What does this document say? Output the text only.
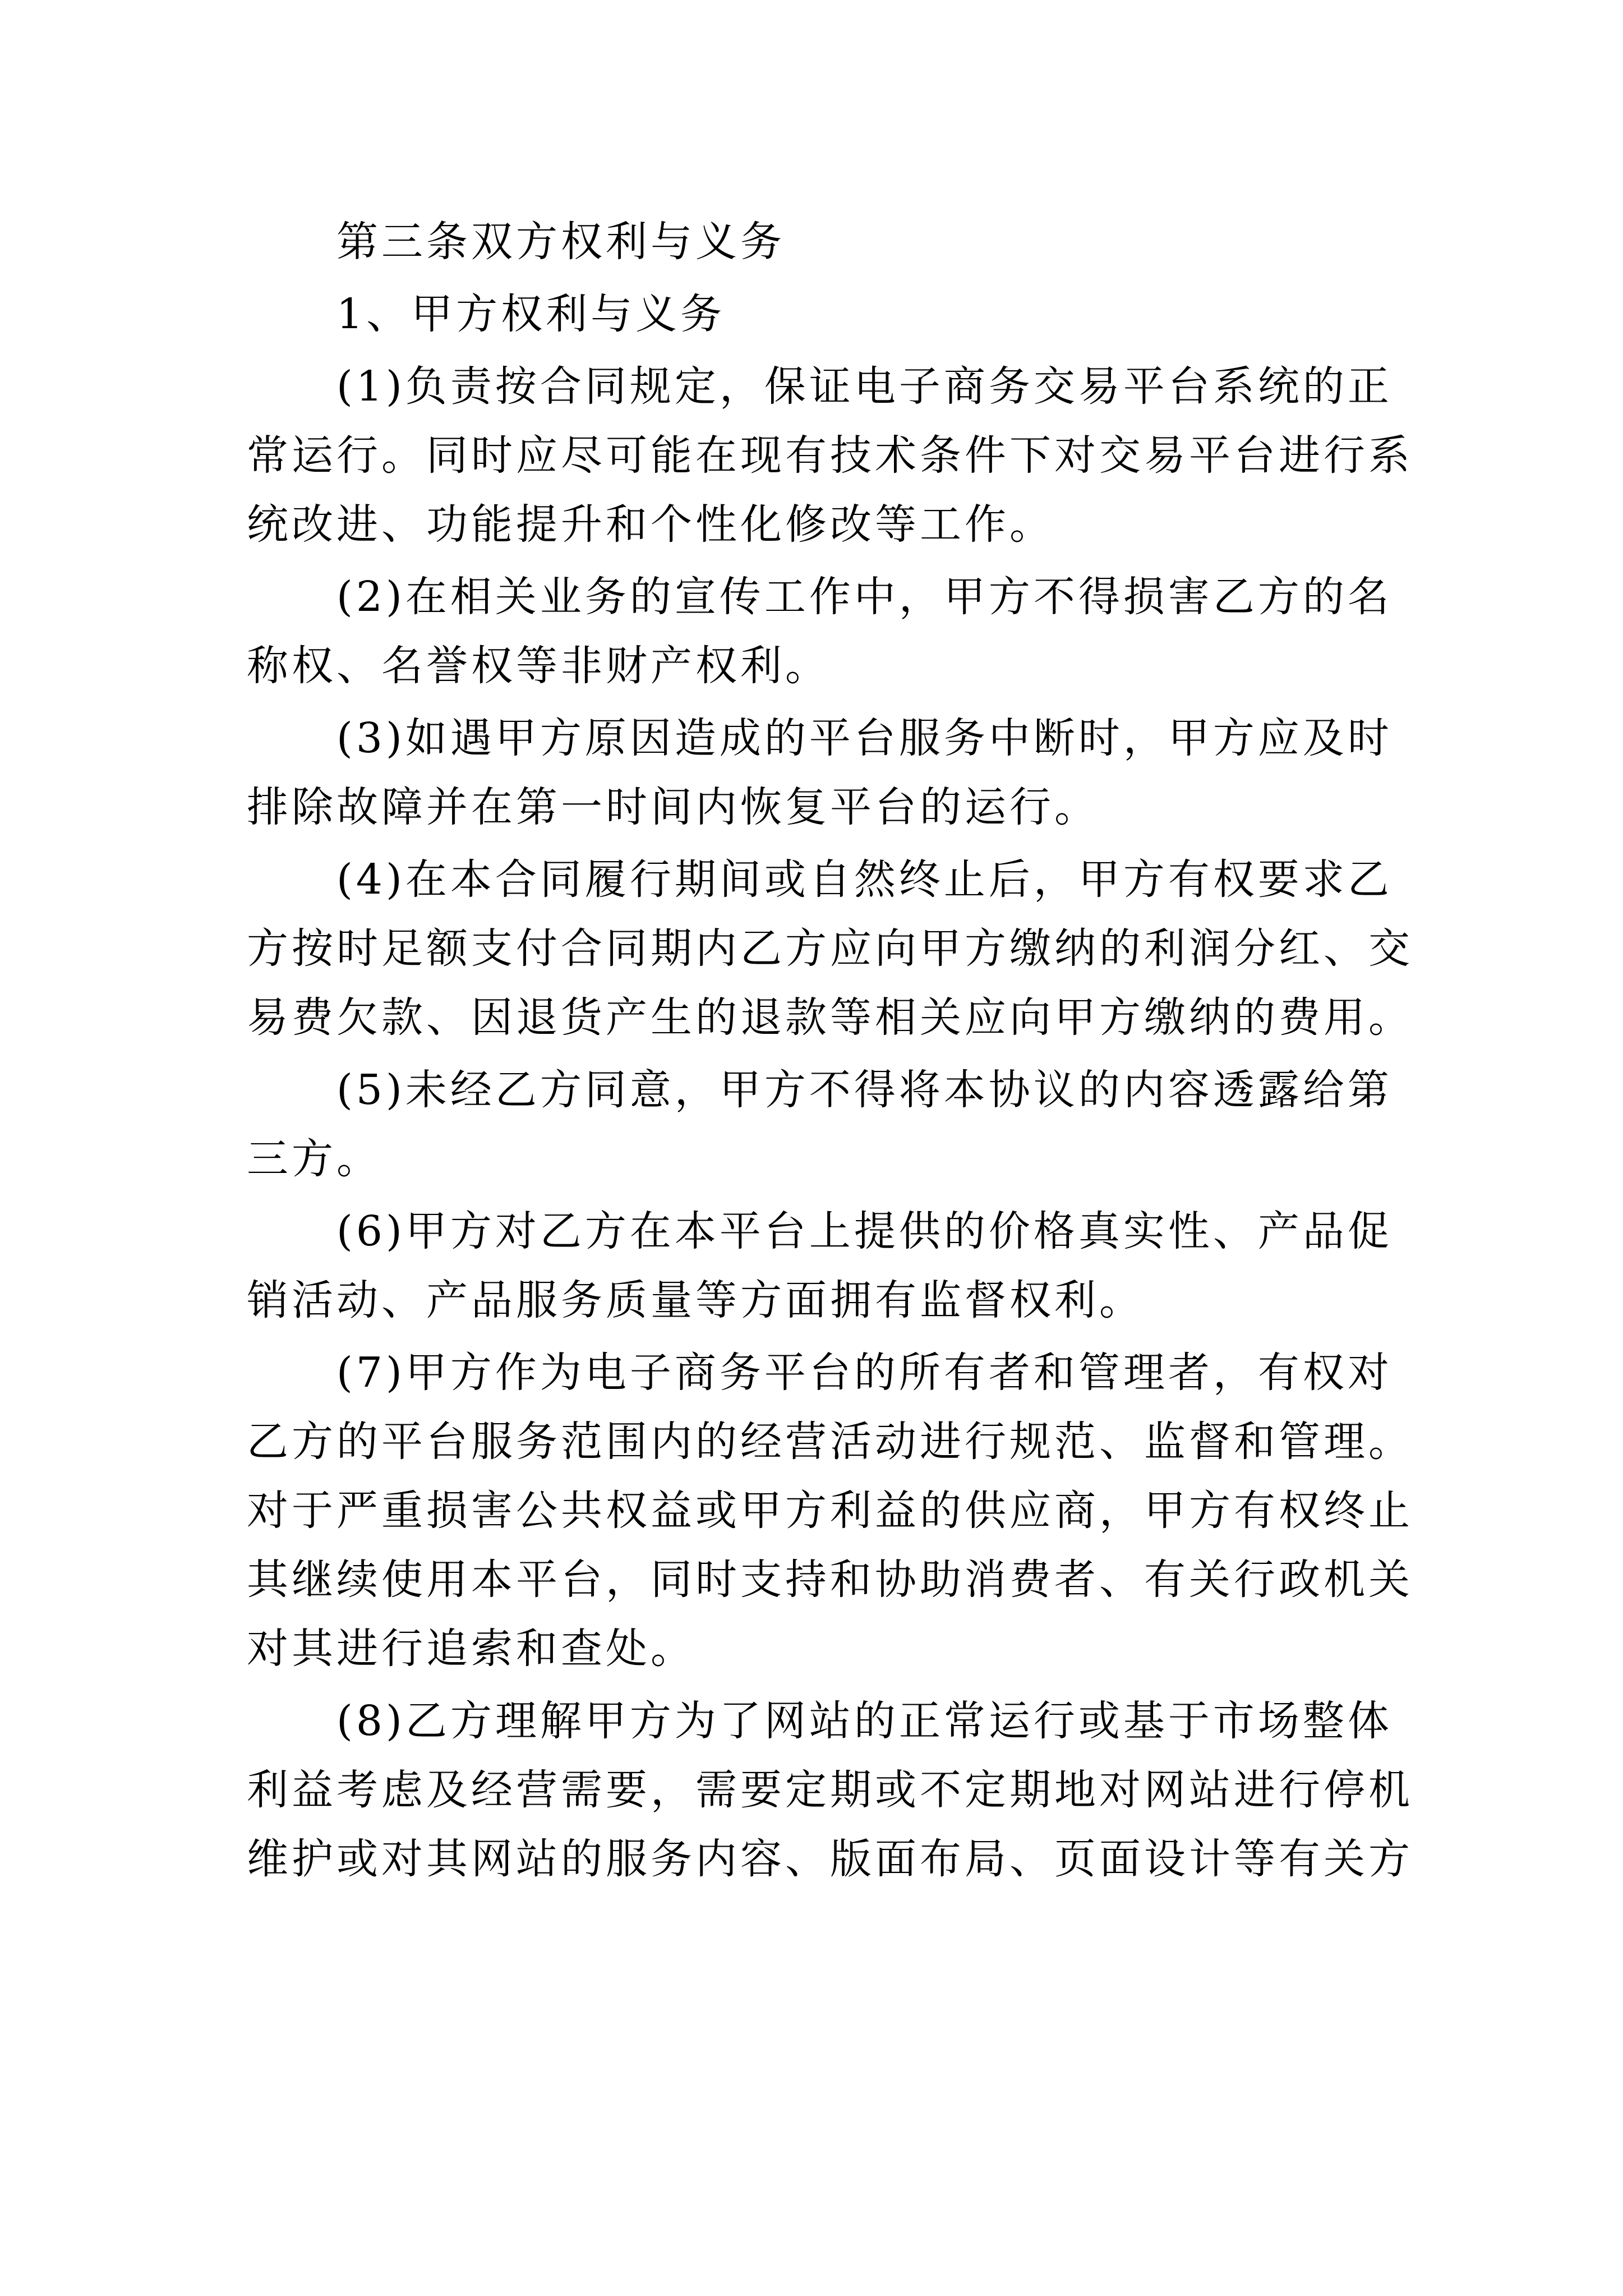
第三条双方权利与义务
1、甲方权利与义务
(1)负责按合同规定，保证电子商务交易平台系统的正
常运行。同时应尽可能在现有技术条件下对交易平台进行系
统改进、功能提升和个性化修改等工作。
(2)在相关业务的宣传工作中，甲方不得损害乙方的名
称权、名誉权等非财产权利。
(3)如遇甲方原因造成的平台服务中断时，甲方应及时
排除故障并在第一时间内恢复平台的运行。
(4)在本合同履行期间或自然终止后，甲方有权要求乙
方按时足额支付合同期内乙方应向甲方缴纳的利润分红、交
易费欠款、因退货产生的退款等相关应向甲方缴纳的费用。
(5)未经乙方同意，甲方不得将本协议的内容透露给第
三方。
(6)甲方对乙方在本平台上提供的价格真实性、产品促
销活动、产品服务质量等方面拥有监督权利。
(7)甲方作为电子商务平台的所有者和管理者，有权对
乙方的平台服务范围内的经营活动进行规范、监督和管理。
对于严重损害公共权益或甲方利益的供应商，甲方有权终止
其继续使用本平台，同时支持和协助消费者、有关行政机关
对其进行追索和查处。
(8)乙方理解甲方为了网站的正常运行或基于市场整体
利益考虑及经营需要，需要定期或不定期地对网站进行停机
维护或对其网站的服务内容、版面布局、页面设计等有关方
